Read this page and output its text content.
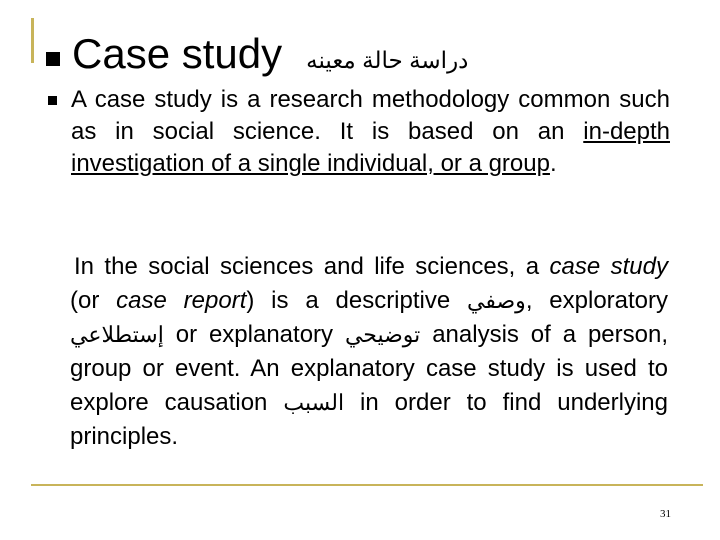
Case study دراسة حالة معينه

A case study is a research methodology common such as in social science. It is based on an in-depth investigation of a single individual, or a group.

In the social sciences and life sciences, a case study (or case report) is a descriptive وصفي, exploratory إستطلاعي or explanatory توضيحي analysis of a person, group or event. An explanatory case study is used to explore causation السبب in order to find underlying principles.

31
